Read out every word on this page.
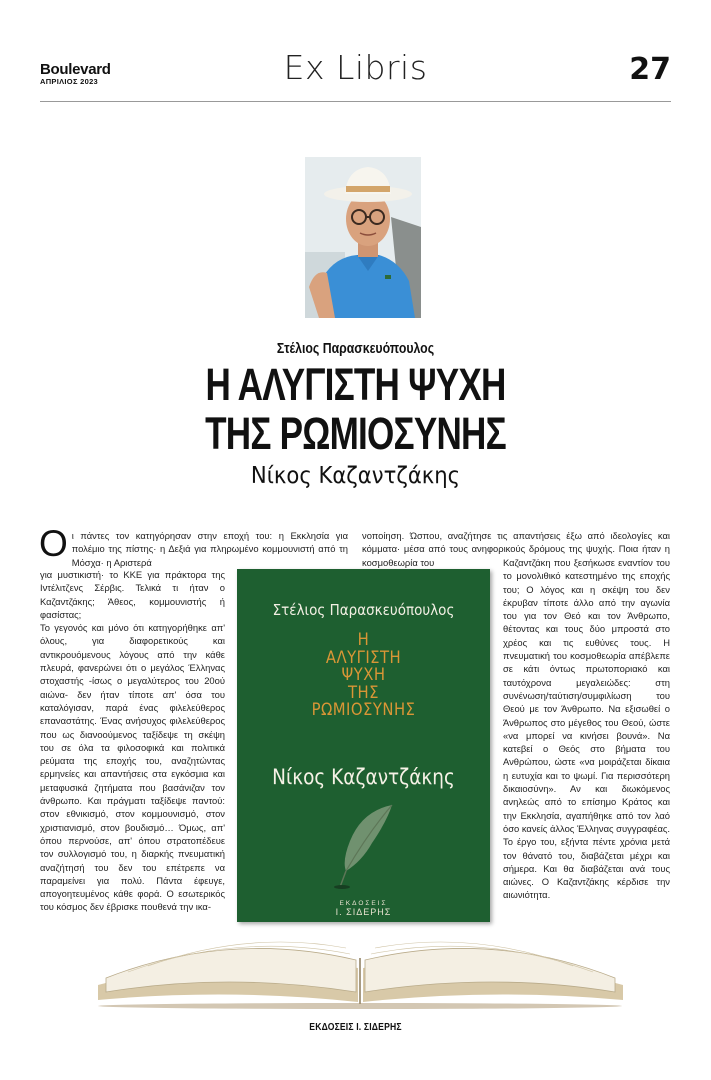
Boulevard
ΑΠΡΙΛΙΟΣ 2023	Ex Libris	27
Στέλιος Παρασκευόπουλος
Η ΑΛΥΓΙΣΤΗ ΨΥΧΗ
ΤΗΣ ΡΩΜΙΟΣΥΝΗΣ
Νίκος Καζαντζάκης

Οι πάντες τον κατηγόρησαν στην εποχή του: η Εκκλησία για πολέμιο της πίστης· η Δεξιά για πληρωμένο κομμουνιστή από τη Μόσχα· η Αριστερά

για μυστικιστή· το ΚΚΕ για πράκτορα της Ιντέλιτζενς Σέρβις. Τελικά τι ήταν ο Καζαντζάκης; Άθεος, κομμουνιστής ή φασίστας;

Το γεγονός και μόνο ότι κατηγορήθηκε απ' όλους, για διαφορετικούς και αντικρουόμενους λόγους από την κάθε πλευρά, φανερώνει ότι ο μεγάλος Έλληνας στοχαστής -ίσως ο μεγαλύτερος του 20ού αιώνα- δεν ήταν τίποτε απ' όσα του καταλόγισαν, παρά ένας φιλελεύθερος επαναστάτης. Ένας ανήσυχος φιλελεύθερος που ως διανοούμενος ταξίδεψε τη σκέψη του σε όλα τα φιλοσοφικά και πολιτικά ρεύματα της εποχής του, αναζητώντας ερμηνείες και απαντήσεις στα εγκόσμια και μεταφυσικά ζητήματα που βασάνιζαν τον άνθρωπο. Και πράγματι ταξίδεψε παντού: στον εθνικισμό, στον κομμουνισμό, στον χριστιανισμό, στον βουδισμό… Όμως, απ' όπου περνούσε, απ' όπου στρατοπέδευε τον συλλογισμό του, η διαρκής πνευματική αναζήτησή του δεν του επέτρεπε να παραμείνει για πολύ. Πάντα έφευγε, απογοητευμένος κάθε φορά. Ο εσωτερικός του κόσμος δεν έβρισκε πουθενά την ικα-

νοποίηση. Ώσπου, αναζήτησε τις απαντήσεις έξω από ιδεολογίες και κόμματα· μέσα από τους ανηφορικούς δρόμους της ψυχής. Ποια ήταν η κοσμοθεωρία του	Καζαντζάκη που ξεσήκωσε εναντίον του το μονολιθικό κατεστημένο της εποχής του; Ο λόγος και η σκέψη του δεν έκρυβαν τίποτε άλλο από την αγωνία του για τον Θεό και τον Άνθρωπο, θέτοντας και τους δύο μπροστά στο χρέος και τις ευθύνες τους. Η πνευματική του κοσμοθεωρία απέβλεπε σε κάτι όντως πρωτοποριακό και ταυτόχρονα μεγαλειώδες: στη συνένωση/ταύτιση/συμφιλίωση του Θεού με τον Άνθρωπο. Να εξισωθεί ο Άνθρωπος στο μέγεθος του Θεού, ώστε «να μπορεί να κινήσει βουνά». Να κατεβεί ο Θεός στο βήματα του Ανθρώπου, ώστε «να μοιράζεται δίκαια η ευτυχία και το ψωμί. Για περισσότερη δικαιοσύνη». Αν και διωκόμενος ανηλεώς από το επίσημο Κράτος και την Εκκλησία, αγαπήθηκε από τον λαό όσο κανείς άλλος Έλληνας συγγραφέας. Το έργο του, εξήντα πέντε χρόνια μετά τον θάνατό του, διαβάζεται μέχρι και σήμερα. Και θα διαβάζεται ανά τους αιώνες. Ο Καζαντζάκης κέρδισε την αιωνιότητα.

Στέλιος Παρασκευόπουλος
Η
ΑΛΥΓΙΣΤΗ
ΨΥΧΗ
ΤΗΣ
ΡΩΜΙΟΣΥΝΗΣ
Νίκος Καζαντζάκης
ΕΚΔΟΣΕΙΣ
Ι. ΣΙΔΕΡΗΣ
ΕΚΔΟΣΕΙΣ Ι. ΣΙΔΕΡΗΣ
